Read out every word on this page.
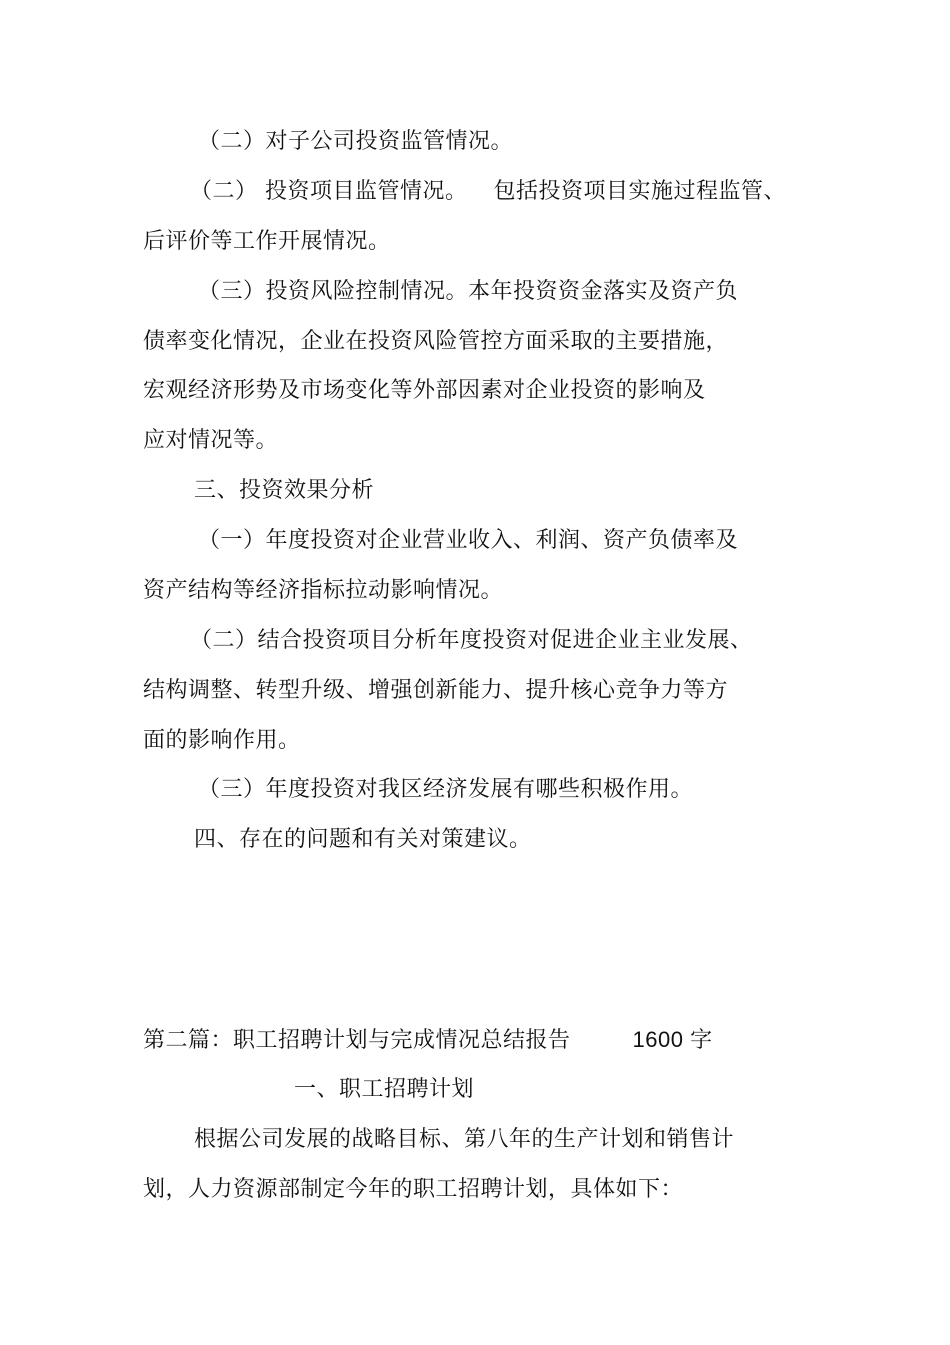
（二）对子公司投资监管情况。
（二） 投资项目监管情况。 包括投资项目实施过程监管、
后评价等工作开展情况。
（三）投资风险控制情况。本年投资资金落实及资产负
债率变化情况，企业在投资风险管控方面采取的主要措施，
宏观经济形势及市场变化等外部因素对企业投资的影响及
应对情况等。
三、投资效果分析
（一）年度投资对企业营业收入、利润、资产负债率及
资产结构等经济指标拉动影响情况。
（二）结合投资项目分析年度投资对促进企业主业发展、
结构调整、转型升级、增强创新能力、提升核心竞争力等方
面的影响作用。
（三）年度投资对我区经济发展有哪些积极作用。
四、存在的问题和有关对策建议。
第二篇：职工招聘计划与完成情况总结报告	1600 字
一、职工招聘计划
根据公司发展的战略目标、第八年的生产计划和销售计
划，人力资源部制定今年的职工招聘计划，具体如下：
